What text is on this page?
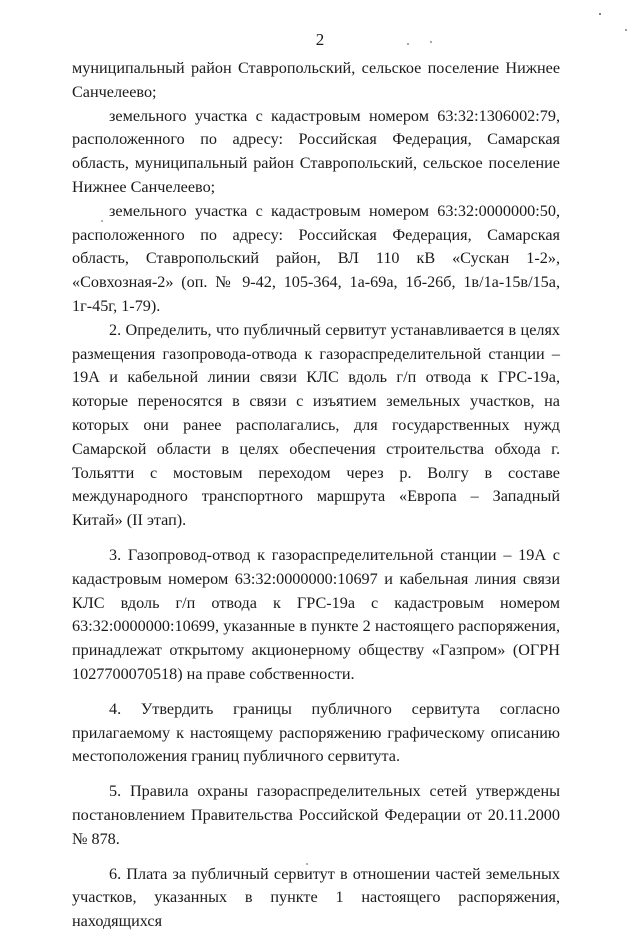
2

муниципальный район Ставропольский, сельское поселение Нижнее Санчелеево;

земельного участка с кадастровым номером 63:32:1306002:79, расположенного по адресу: Российская Федерация, Самарская область, муниципальный район Ставропольский, сельское поселение Нижнее Санчелеево;

земельного участка с кадастровым номером 63:32:0000000:50, расположенного по адресу: Российская Федерация, Самарская область, Ставропольский район, ВЛ 110 кВ «Сускан 1-2», «Совхозная-2» (оп. № 9-42, 105-364, 1а-69а, 1б-26б, 1в/1а-15в/15а, 1г-45г, 1-79).

2. Определить, что публичный сервитут устанавливается в целях размещения газопровода-отвода к газораспределительной станции – 19А и кабельной линии связи КЛС вдоль г/п отвода к ГРС-19а, которые переносятся в связи с изъятием земельных участков, на которых они ранее располагались, для государственных нужд Самарской области в целях обеспечения строительства обхода г. Тольятти с мостовым переходом через р. Волгу в составе международного транспортного маршрута «Европа – Западный Китай» (II этап).

3. Газопровод-отвод к газораспределительной станции – 19А с кадастровым номером 63:32:0000000:10697 и кабельная линия связи КЛС вдоль г/п отвода к ГРС-19а с кадастровым номером 63:32:0000000:10699, указанные в пункте 2 настоящего распоряжения, принадлежат открытому акционерному обществу «Газпром» (ОГРН 1027700070518) на праве собственности.

4. Утвердить границы публичного сервитута согласно прилагаемому к настоящему распоряжению графическому описанию местоположения границ публичного сервитута.

5. Правила охраны газораспределительных сетей утверждены постановлением Правительства Российской Федерации от 20.11.2000 № 878.

6. Плата за публичный сервитут в отношении частей земельных участков, указанных в пункте 1 настоящего распоряжения, находящихся
